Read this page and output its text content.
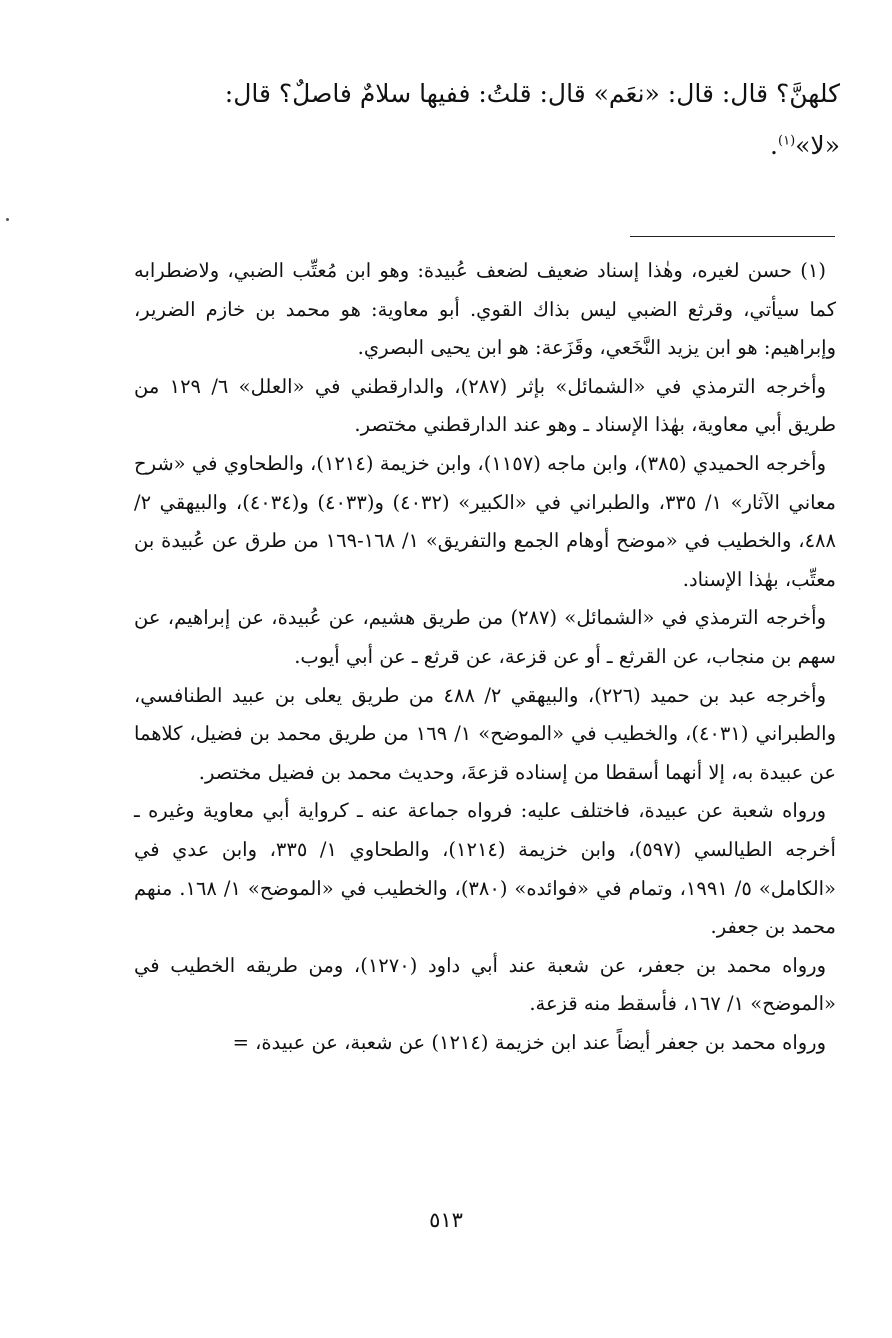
كلهنَّ؟ قال: قال: «نعَم» قال: قلتُ: ففيها سلامٌ فاصلٌ؟ قال:

«لا»$^{(١)}$.

(١) حسن لغيره، وهٰذا إسناد ضعيف لضعف عُبيدة: وهو ابن مُعتِّب الضبي، ولاضطرابه كما سيأتي، وقرثع الضبي ليس بذاك القوي. أبو معاوية: هو محمد بن خازم الضرير، وإبراهيم: هو ابن يزيد النَّخَعي، وقَزَعة: هو ابن يحيى البصري.

وأخرجه الترمذي في «الشمائل» بإثر (٢٨٧)، والدارقطني في «العلل» ٦/ ١٢٩ من طريق أبي معاوية، بهٰذا الإسناد ـ وهو عند الدارقطني مختصر.

وأخرجه الحميدي (٣٨٥)، وابن ماجه (١١٥٧)، وابن خزيمة (١٢١٤)، والطحاوي في «شرح معاني الآثار» ١/ ٣٣٥، والطبراني في «الكبير» (٤٠٣٢) و(٤٠٣٣) و(٤٠٣٤)، والبيهقي ٢/ ٤٨٨، والخطيب في «موضح أوهام الجمع والتفريق» ١/ ١٦٨-١٦٩ من طرق عن عُبيدة بن معتِّب، بهٰذا الإسناد.

وأخرجه الترمذي في «الشمائل» (٢٨٧) من طريق هشيم، عن عُبيدة، عن إبراهيم، عن سهم بن منجاب، عن القرثع ـ أو عن قزعة، عن قرثع ـ عن أبي أيوب.

وأخرجه عبد بن حميد (٢٢٦)، والبيهقي ٢/ ٤٨٨ من طريق يعلى بن عبيد الطنافسي، والطبراني (٤٠٣١)، والخطيب في «الموضح» ١/ ١٦٩ من طريق محمد بن فضيل، كلاهما عن عبيدة به، إلا أنهما أسقطا من إسناده قزعةَ، وحديث محمد بن فضيل مختصر.

ورواه شعبة عن عبيدة، فاختلف عليه: فرواه جماعة عنه ـ كرواية أبي معاوية وغيره ـ أخرجه الطيالسي (٥٩٧)، وابن خزيمة (١٢١٤)، والطحاوي ١/ ٣٣٥، وابن عدي في «الكامل» ٥/ ١٩٩١، وتمام في «فوائده» (٣٨٠)، والخطيب في «الموضح» ١/ ١٦٨. منهم محمد بن جعفر.

ورواه محمد بن جعفر، عن شعبة عند أبي داود (١٢٧٠)، ومن طريقه الخطيب في «الموضح» ١/ ١٦٧، فأسقط منه قزعة.

ورواه محمد بن جعفر أيضاً عند ابن خزيمة (١٢١٤) عن شعبة، عن عبيدة، =

٥١٣
